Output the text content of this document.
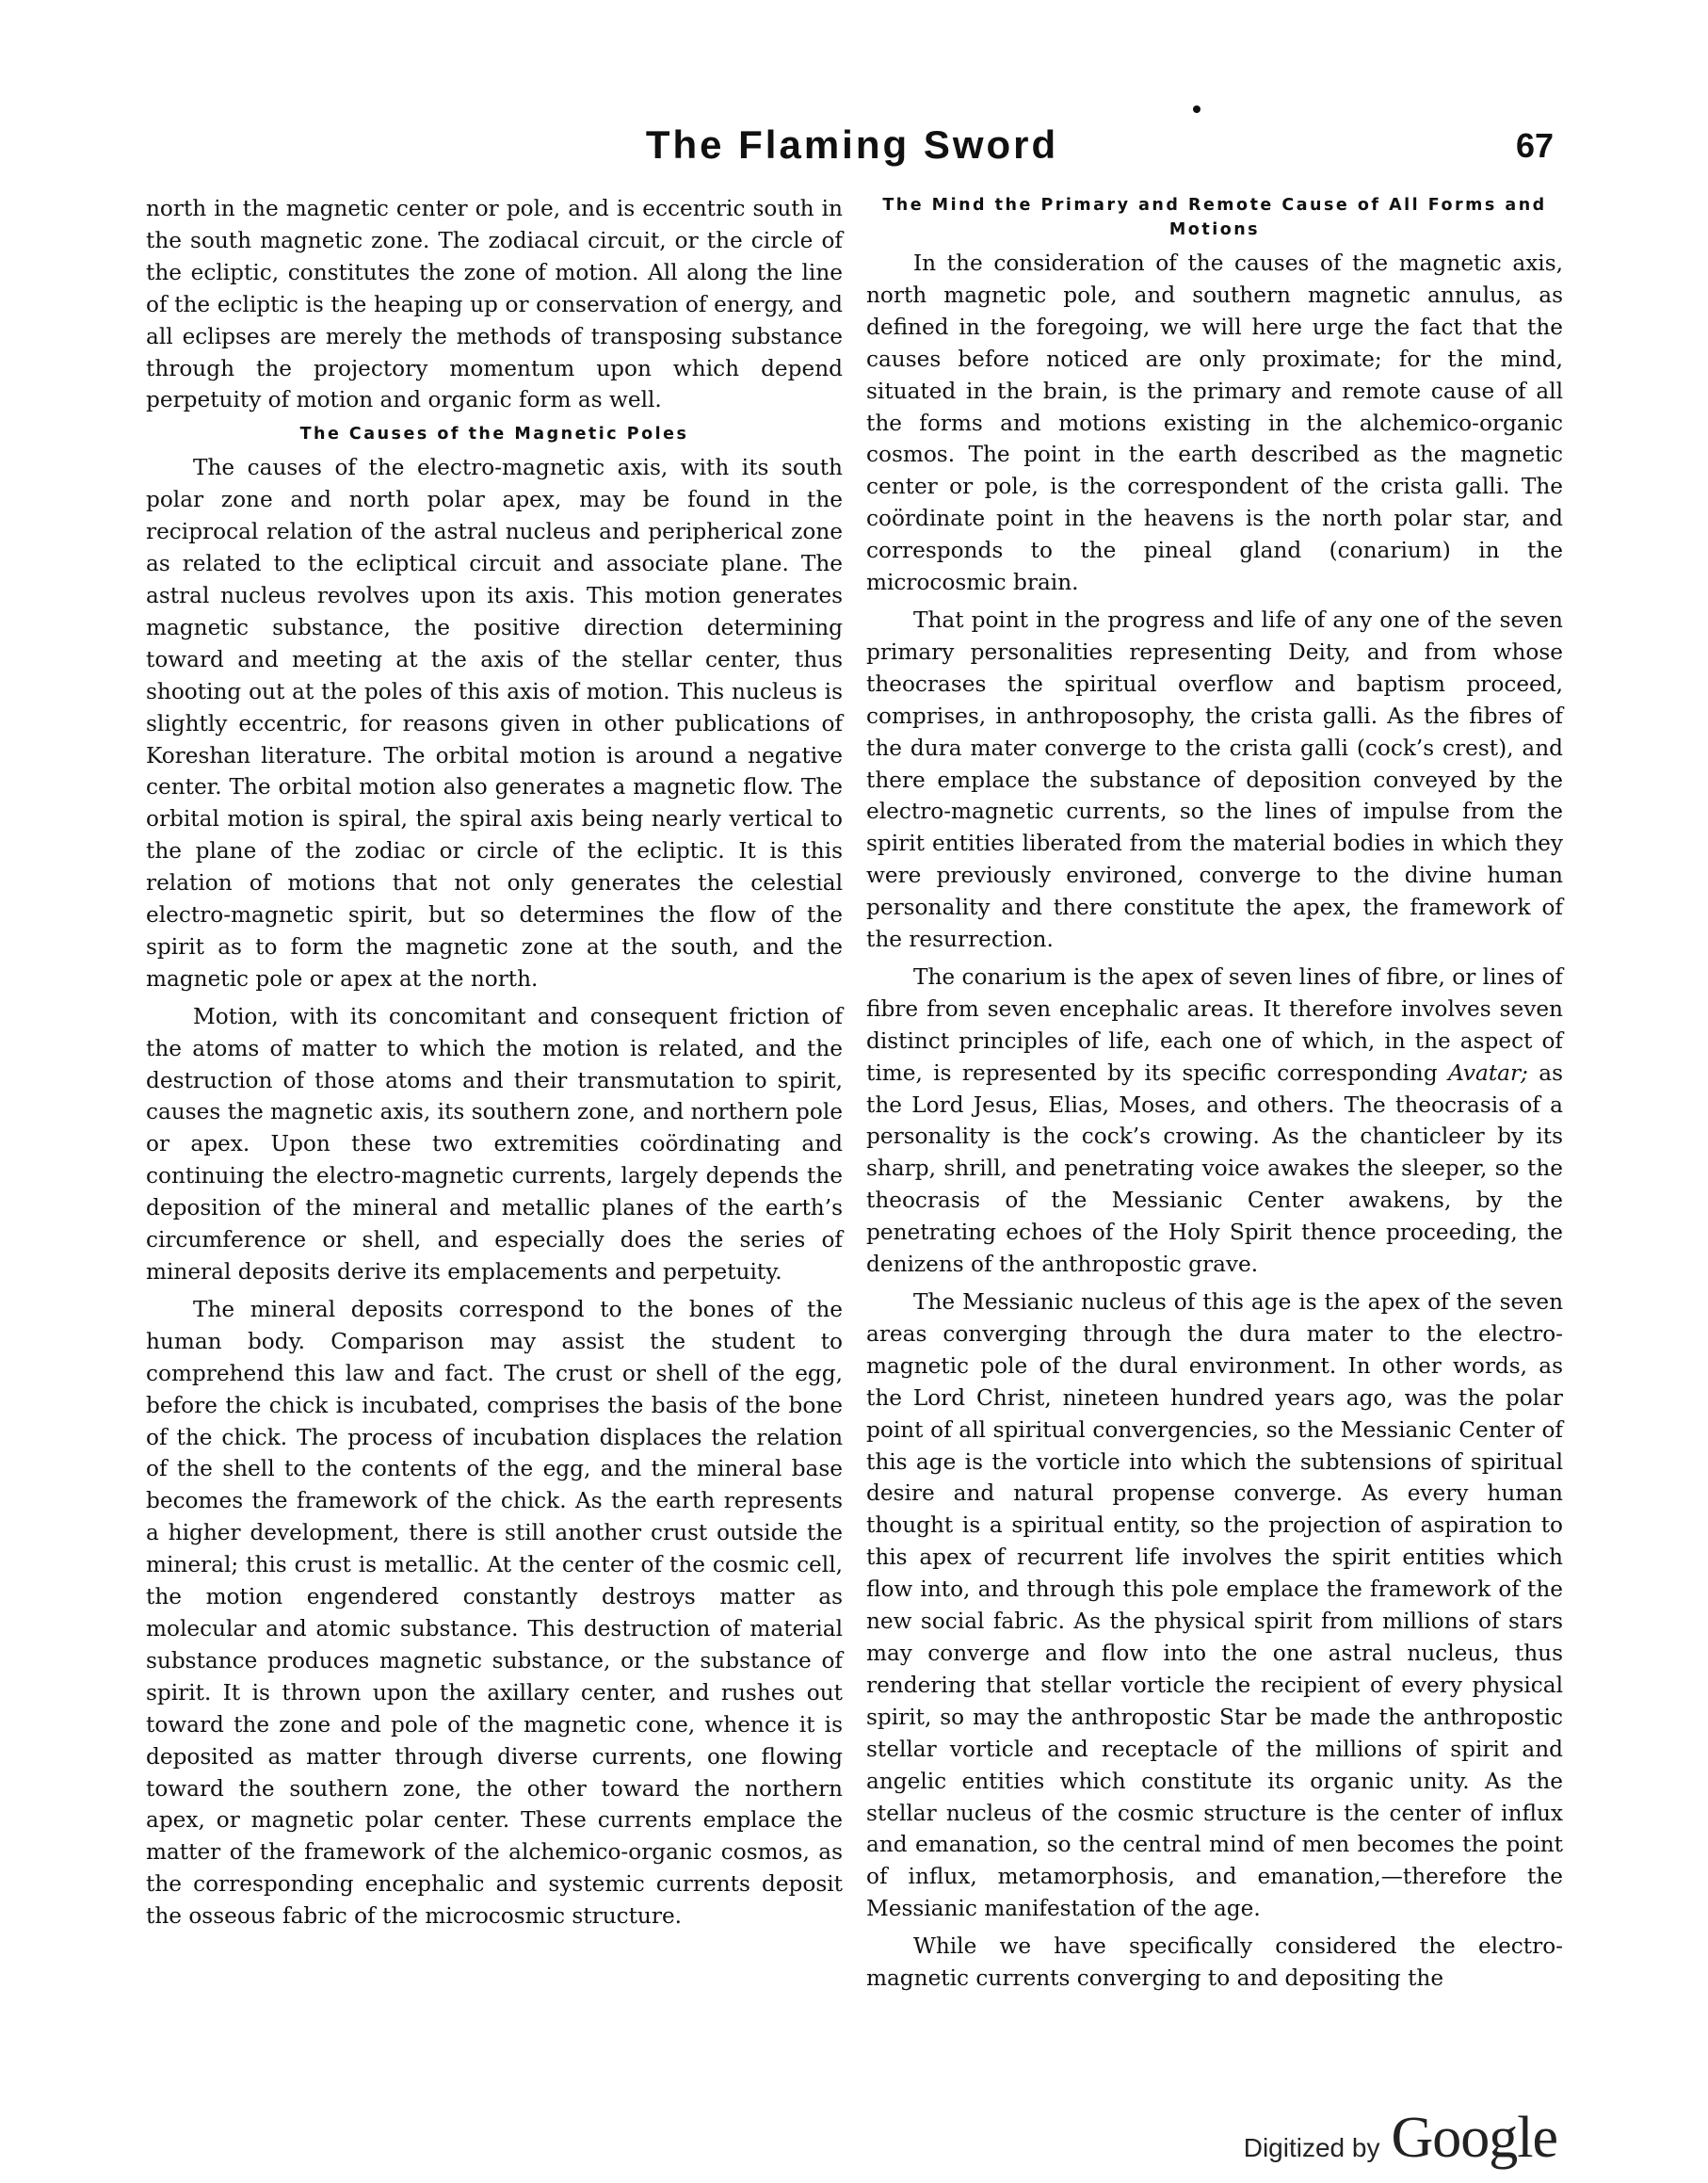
The Flaming Sword	67

north in the magnetic center or pole, and is eccentric south in the south magnetic zone. The zodiacal circuit, or the circle of the ecliptic, constitutes the zone of motion. All along the line of the ecliptic is the heaping up or conservation of energy, and all eclipses are merely the methods of transposing substance through the projectory momentum upon which depend perpetuity of motion and organic form as well.

The Causes of the Magnetic Poles

The causes of the electro-magnetic axis, with its south polar zone and north polar apex, may be found in the reciprocal relation of the astral nucleus and peripherical zone as related to the ecliptical circuit and associate plane. The astral nucleus revolves upon its axis. This motion generates magnetic substance, the positive direction determining toward and meeting at the axis of the stellar center, thus shooting out at the poles of this axis of motion. This nucleus is slightly eccentric, for reasons given in other publications of Koreshan literature. The orbital motion is around a negative center. The orbital motion also generates a magnetic flow. The orbital motion is spiral, the spiral axis being nearly vertical to the plane of the zodiac or circle of the ecliptic. It is this relation of motions that not only generates the celestial electro-magnetic spirit, but so determines the flow of the spirit as to form the magnetic zone at the south, and the magnetic pole or apex at the north.

Motion, with its concomitant and consequent friction of the atoms of matter to which the motion is related, and the destruction of those atoms and their transmutation to spirit, causes the magnetic axis, its southern zone, and northern pole or apex. Upon these two extremities coördinating and continuing the electro-magnetic currents, largely depends the deposition of the mineral and metallic planes of the earth’s circumference or shell, and especially does the series of mineral deposits derive its emplacements and perpetuity.

The mineral deposits correspond to the bones of the human body. Comparison may assist the student to comprehend this law and fact. The crust or shell of the egg, before the chick is incubated, comprises the basis of the bone of the chick. The process of incubation displaces the relation of the shell to the contents of the egg, and the mineral base becomes the framework of the chick. As the earth represents a higher development, there is still another crust outside the mineral; this crust is metallic. At the center of the cosmic cell, the motion engendered constantly destroys matter as molecular and atomic substance. This destruction of material substance produces magnetic substance, or the substance of spirit. It is thrown upon the axillary center, and rushes out toward the zone and pole of the magnetic cone, whence it is deposited as matter through diverse currents, one flowing toward the southern zone, the other toward the northern apex, or magnetic polar center. These currents emplace the matter of the framework of the alchemico-organic cosmos, as the corresponding encephalic and systemic currents deposit the osseous fabric of the microcosmic structure.

The Mind the Primary and Remote Cause of All Forms and Motions

In the consideration of the causes of the magnetic axis, north magnetic pole, and southern magnetic annulus, as defined in the foregoing, we will here urge the fact that the causes before noticed are only proximate; for the mind, situated in the brain, is the primary and remote cause of all the forms and motions existing in the alchemico-organic cosmos. The point in the earth described as the magnetic center or pole, is the correspondent of the crista galli. The coördinate point in the heavens is the north polar star, and corresponds to the pineal gland (conarium) in the microcosmic brain.

That point in the progress and life of any one of the seven primary personalities representing Deity, and from whose theocrases the spiritual overflow and baptism proceed, comprises, in anthroposophy, the crista galli. As the fibres of the dura mater converge to the crista galli (cock’s crest), and there emplace the substance of deposition conveyed by the electro-magnetic currents, so the lines of impulse from the spirit entities liberated from the material bodies in which they were previously environed, converge to the divine human personality and there constitute the apex, the framework of the resurrection.

The conarium is the apex of seven lines of fibre, or lines of fibre from seven encephalic areas. It therefore involves seven distinct principles of life, each one of which, in the aspect of time, is represented by its specific corresponding Avatar; as the Lord Jesus, Elias, Moses, and others. The theocrasis of a personality is the cock’s crowing. As the chanticleer by its sharp, shrill, and penetrating voice awakes the sleeper, so the theocrasis of the Messianic Center awakens, by the penetrating echoes of the Holy Spirit thence proceeding, the denizens of the anthropostic grave.

The Messianic nucleus of this age is the apex of the seven areas converging through the dura mater to the electro-magnetic pole of the dural environment. In other words, as the Lord Christ, nineteen hundred years ago, was the polar point of all spiritual convergencies, so the Messianic Center of this age is the vorticle into which the subtensions of spiritual desire and natural propense converge. As every human thought is a spiritual entity, so the projection of aspiration to this apex of recurrent life involves the spirit entities which flow into, and through this pole emplace the framework of the new social fabric. As the physical spirit from millions of stars may converge and flow into the one astral nucleus, thus rendering that stellar vorticle the recipient of every physical spirit, so may the anthropostic Star be made the anthropostic stellar vorticle and receptacle of the millions of spirit and angelic entities which constitute its organic unity. As the stellar nucleus of the cosmic structure is the center of influx and emanation, so the central mind of men becomes the point of influx, metamorphosis, and emanation,—therefore the Messianic manifestation of the age.

While we have specifically considered the electro-magnetic currents converging to and depositing the

Digitized by Google
